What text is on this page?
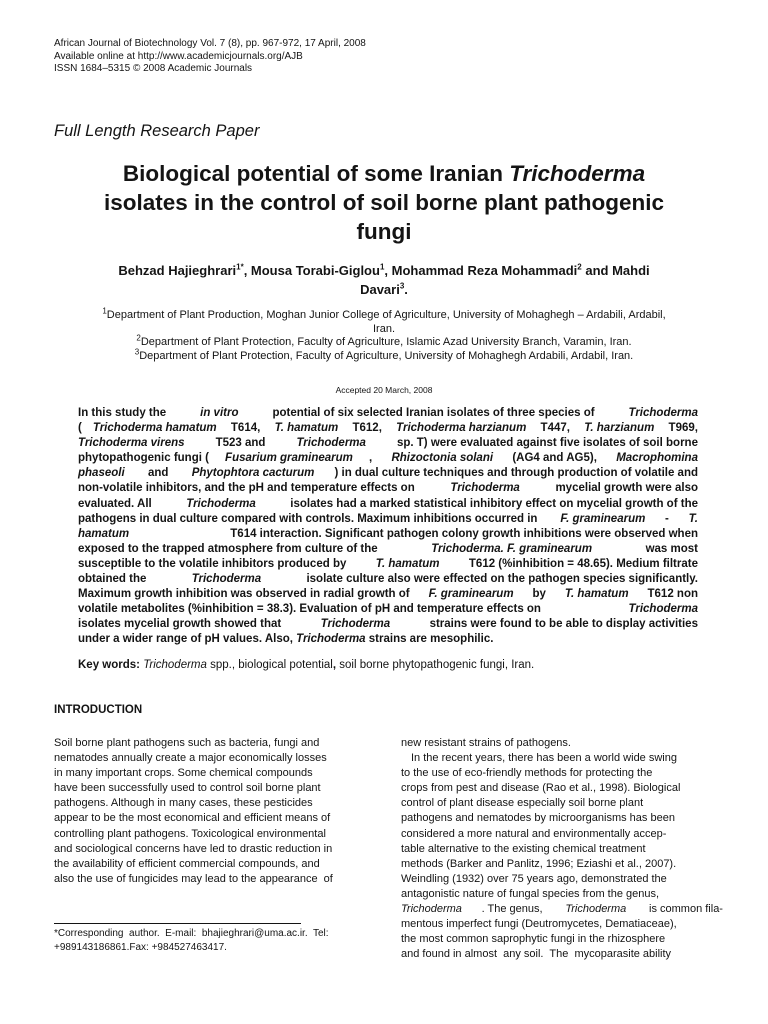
African Journal of Biotechnology Vol. 7 (8), pp. 967-972, 17 April, 2008
Available online at http://www.academicjournals.org/AJB
ISSN 1684–5315 © 2008 Academic Journals
Full Length Research Paper
Biological potential of some Iranian Trichoderma
isolates in the control of soil borne plant pathogenic
fungi
Behzad Hajieghrari$^{1*}$, Mousa Torabi-Giglou$^1$, Mohammad Reza Mohammadi$^2$ and Mahdi
Davari$^3$.
$^1$Department of Plant Production, Moghan Junior College of Agriculture, University of Mohaghegh – Ardabili, Ardabil,
Iran.
$^2$Department of Plant Protection, Faculty of Agriculture, Islamic Azad University Branch, Varamin, Iran.
$^3$Department of Plant Protection, Faculty of Agriculture, University of Mohaghegh Ardabili, Ardabil, Iran.
Accepted 20 March, 2008
In this study the	in vitro	potential of six selected Iranian isolates of three species of	Trichoderma
( Trichoderma hamatum T614, T. hamatum T612, Trichoderma harzianum T447, T. harzianum T969,
Trichoderma virens T523 and Trichoderma sp. T) were evaluated against five isolates of soil borne
phytopathogenic fungi ( Fusarium graminearum , Rhizoctonia solani (AG4 and AG5), Macrophomina
phaseoli and Phytophtora cacturum ) in dual culture techniques and through production of volatile and
non-volatile inhibitors, and the pH and temperature effects on	Trichoderma	mycelial growth were also
evaluated. All	Trichoderma	isolates had a marked statistical inhibitory effect on mycelial growth of the
pathogens in dual culture compared with controls. Maximum inhibitions occurred in F. graminearum - T.
hamatum	T614 interaction. Significant pathogen colony growth inhibitions were observed when
exposed to the trapped atmosphere from culture of the	Trichoderma. F. graminearum	was most
susceptible to the volatile inhibitors produced by T. hamatum T612 (%inhibition = 48.65). Medium filtrate
obtained the	Trichoderma	isolate culture also were effected on the pathogen species significantly.
Maximum growth inhibition was observed in radial growth of F. graminearum by T. hamatum T612 non
volatile metabolites (%inhibition = 38.3). Evaluation of pH and temperature effects on	Trichoderma
isolates mycelial growth showed that	Trichoderma	strains were found to be able to display activities
under a wider range of pH values. Also, Trichoderma strains are mesophilic.
Key words: Trichoderma spp., biological potential, soil borne phytopathogenic fungi, Iran.
INTRODUCTION
Soil borne plant pathogens such as bacteria, fungi and
nematodes annually create a major economically losses
in many important crops. Some chemical compounds
have been successfully used to control soil borne plant
pathogens. Although in many cases, these pesticides
appear to be the most economical and efficient means of
controlling plant pathogens. Toxicological environmental
and sociological concerns have led to drastic reduction in
the availability of efficient commercial compounds, and
also the use of fungicides may lead to the appearance  of
new resistant strains of pathogens.
In the recent years, there has been a world wide swing
to the use of eco-friendly methods for protecting the
crops from pest and disease (Rao et al., 1998). Biological
control of plant disease especially soil borne plant
pathogens and nematodes by microorganisms has been
considered a more natural and environmentally accep-
table alternative to the existing chemical treatment
methods (Barker and Panlitz, 1996; Eziashi et al., 2007).
Weindling (1932) over 75 years ago, demonstrated the
antagonistic nature of fungal species from the genus,
Trichoderma . The genus, Trichoderma is common fila-
mentous imperfect fungi (Deutromycetes, Dematiaceae),
the most common saprophytic fungi in the rhizosphere
and found in almost  any soil.  The  mycoparasite ability
*Corresponding  author.  E-mail:  bhajieghrari@uma.ac.ir.  Tel:
+989143186861.Fax: +984527463417.
